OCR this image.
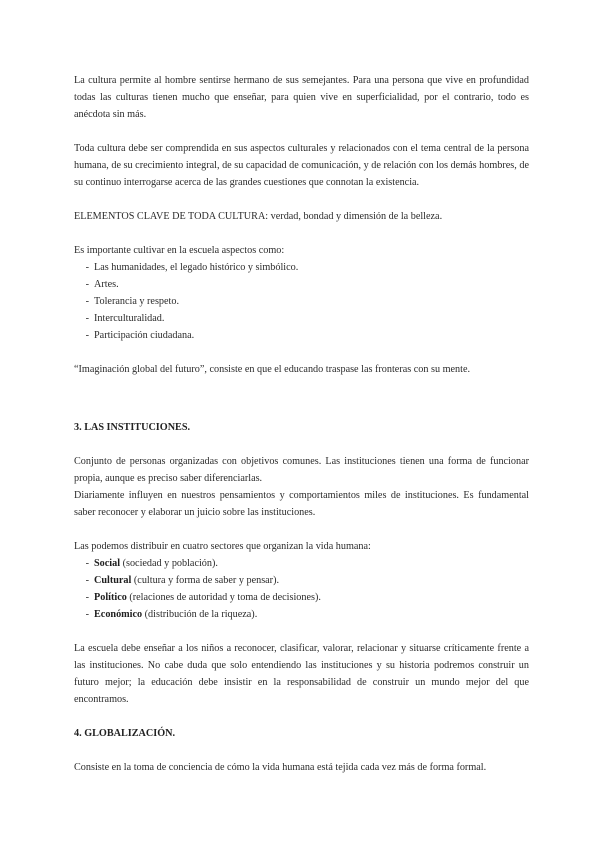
La cultura permite al hombre sentirse hermano de sus semejantes. Para una persona que vive en profundidad todas las culturas tienen mucho que enseñar, para quien vive en superficialidad, por el contrario, todo es anécdota sin más.

Toda cultura debe ser comprendida en sus aspectos culturales y relacionados con el tema central de la persona humana, de su crecimiento integral, de su capacidad de comunicación, y de relación con los demás hombres, de su continuo interrogarse acerca de las grandes cuestiones que connotan la existencia.

ELEMENTOS CLAVE DE TODA CULTURA: verdad, bondad y dimensión de la belleza.

Es importante cultivar en la escuela aspectos como:

- Las humanidades, el legado histórico y simbólico.
- Artes.
- Tolerancia y respeto.
- Interculturalidad.
- Participación ciudadana.

“Imaginación global del futuro”, consiste en que el educando traspase las fronteras con su mente.

3. LAS INSTITUCIONES.

Conjunto de personas organizadas con objetivos comunes. Las instituciones tienen una forma de funcionar propia, aunque es preciso saber diferenciarlas.

Diariamente influyen en nuestros pensamientos y comportamientos miles de instituciones. Es fundamental saber reconocer y elaborar un juicio sobre las instituciones.

Las podemos distribuir en cuatro sectores que organizan la vida humana:

- Social (sociedad y población).
- Cultural (cultura y forma de saber y pensar).
- Político (relaciones de autoridad y toma de decisiones).
- Económico (distribución de la riqueza).

La escuela debe enseñar a los niños a reconocer, clasificar, valorar, relacionar y situarse críticamente frente a las instituciones. No cabe duda que solo entendiendo las instituciones y su historia podremos construir un futuro mejor; la educación debe insistir en la responsabilidad de construir un mundo mejor del que encontramos.

4. GLOBALIZACIÓN.

Consiste en la toma de conciencia de cómo la vida humana está tejida cada vez más de forma formal.
